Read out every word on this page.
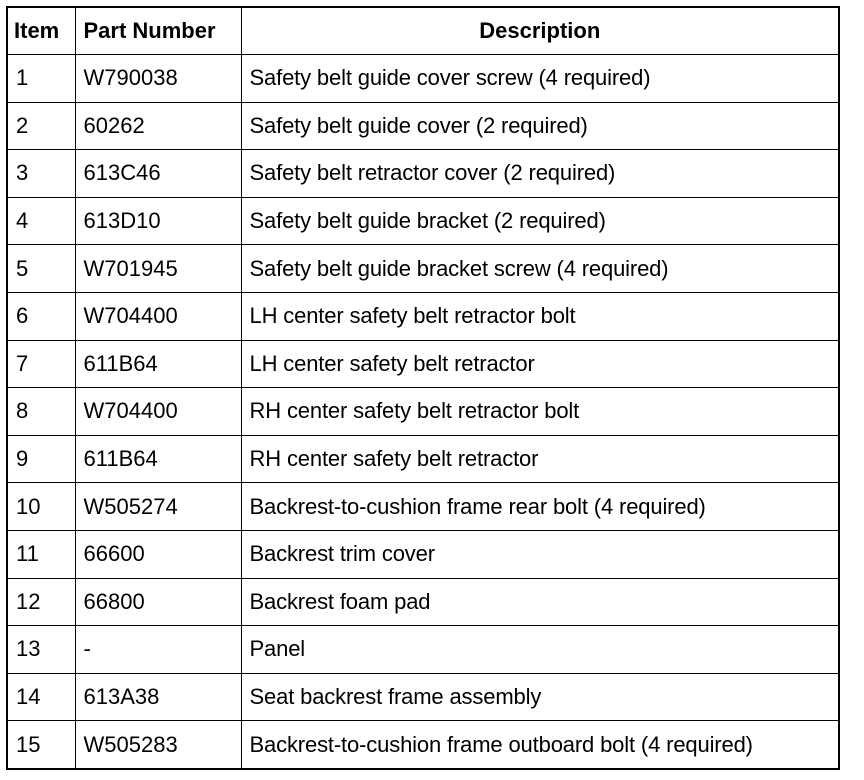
Item	Part Number	Description
1	W790038	Safety belt guide cover screw (4 required)
2	60262	Safety belt guide cover (2 required)
3	613C46	Safety belt retractor cover (2 required)
4	613D10	Safety belt guide bracket (2 required)
5	W701945	Safety belt guide bracket screw (4 required)
6	W704400	LH center safety belt retractor bolt
7	611B64	LH center safety belt retractor
8	W704400	RH center safety belt retractor bolt
9	611B64	RH center safety belt retractor
10	W505274	Backrest-to-cushion frame rear bolt (4 required)
11	66600	Backrest trim cover
12	66800	Backrest foam pad
13	-	Panel
14	613A38	Seat backrest frame assembly
15	W505283	Backrest-to-cushion frame outboard bolt (4 required)
